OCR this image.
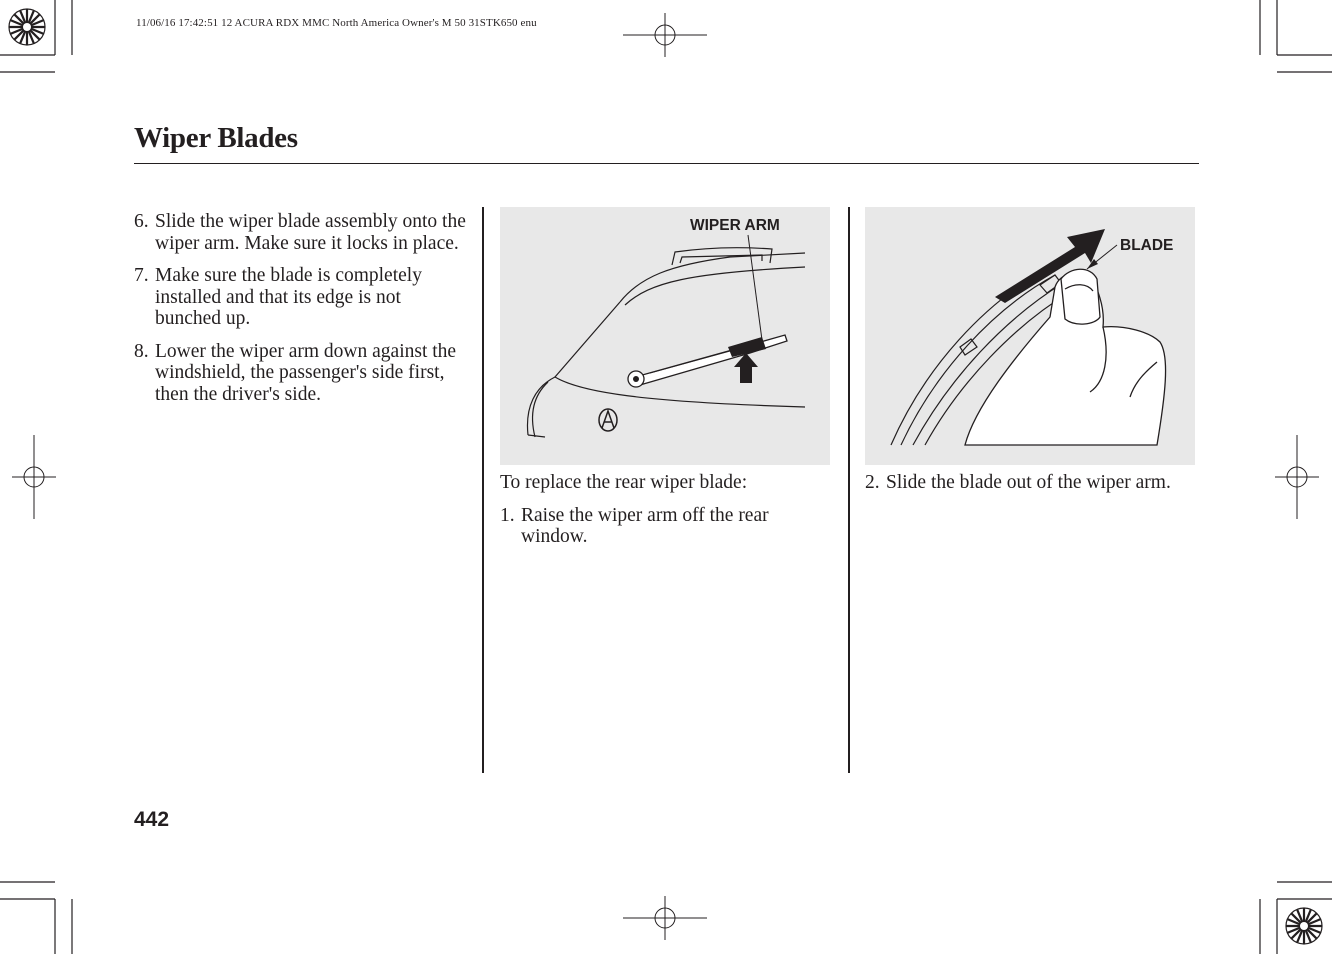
11/06/16 17:42:51 12 ACURA RDX MMC North America Owner's M 50 31STK650 enu
Wiper Blades
6. Slide the wiper blade assembly onto the wiper arm. Make sure it locks in place.
7. Make sure the blade is completely installed and that its edge is not bunched up.
8. Lower the wiper arm down against the windshield, the passenger's side first, then the driver's side.
WIPER ARM

To replace the rear wiper blade:

1. Raise the wiper arm off the rear window.
BLADE
2. Slide the blade out of the wiper arm.
442
